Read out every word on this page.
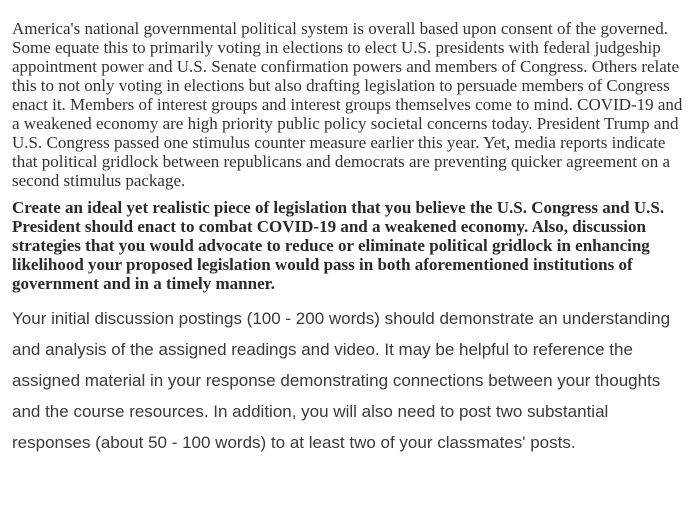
America's national governmental political system is overall based upon consent of the governed. Some equate this to primarily voting in elections to elect U.S. presidents with federal judgeship appointment power and U.S. Senate confirmation powers and members of Congress. Others relate this to not only voting in elections but also drafting legislation to persuade members of Congress enact it. Members of interest groups and interest groups themselves come to mind. COVID-19 and a weakened economy are high priority public policy societal concerns today. President Trump and U.S. Congress passed one stimulus counter measure earlier this year. Yet, media reports indicate that political gridlock between republicans and democrats are preventing quicker agreement on a second stimulus package.

Create an ideal yet realistic piece of legislation that you believe the U.S. Congress and U.S. President should enact to combat COVID-19 and a weakened economy. Also, discussion strategies that you would advocate to reduce or eliminate political gridlock in enhancing likelihood your proposed legislation would pass in both aforementioned institutions of government and in a timely manner.

Your initial discussion postings (100 - 200 words) should demonstrate an understanding and analysis of the assigned readings and video. It may be helpful to reference the assigned material in your response demonstrating connections between your thoughts and the course resources. In addition, you will also need to post two substantial responses (about 50 - 100 words) to at least two of your classmates' posts.
